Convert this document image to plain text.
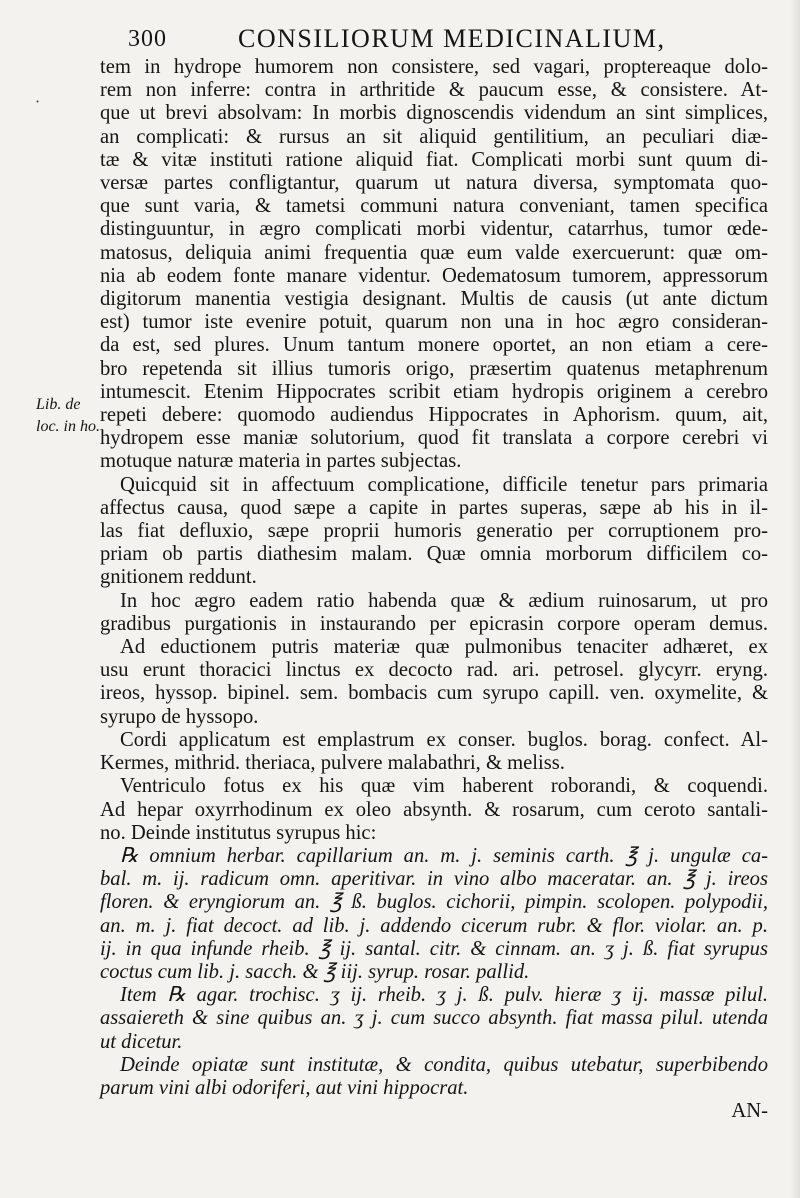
300	CONSILIORUM MEDICINALIUM,
·
Lib. de
loc. in ho.
tem in hydrope humorem non consistere, sed vagari, proptereaque dolo-
rem non inferre: contra in arthritide & paucum esse, & consistere. At-
que ut brevi absolvam: In morbis dignoscendis videndum an sint simplices,
an complicati: & rursus an sit aliquid gentilitium, an peculiari diæ-
tæ & vitæ instituti ratione aliquid fiat. Complicati morbi sunt quum di-
versæ partes confligtantur, quarum ut natura diversa, symptomata quo-
que sunt varia, & tametsi communi natura conveniant, tamen specifica
distinguuntur, in ægro complicati morbi videntur, catarrhus, tumor œde-
matosus, deliquia animi frequentia quæ eum valde exercuerunt: quæ om-
nia ab eodem fonte manare videntur. Oedematosum tumorem, appressorum
digitorum manentia vestigia designant. Multis de causis (ut ante dictum
est) tumor iste evenire potuit, quarum non una in hoc ægro consideran-
da est, sed plures. Unum tantum monere oportet, an non etiam a cere-
bro repetenda sit illius tumoris origo, præsertim quatenus metaphrenum
intumescit. Etenim Hippocrates scribit etiam hydropis originem a cerebro
repeti debere: quomodo audiendus Hippocrates in Aphorism. quum, ait,
hydropem esse maniæ solutorium, quod fit translata a corpore cerebri vi
motuque naturæ materia in partes subjectas.
Quicquid sit in affectuum complicatione, difficile tenetur pars primaria
affectus causa, quod sæpe a capite in partes superas, sæpe ab his in il-
las fiat defluxio, sæpe proprii humoris generatio per corruptionem pro-
priam ob partis diathesim malam. Quæ omnia morborum difficilem co-
gnitionem reddunt.
In hoc ægro eadem ratio habenda quæ & ædium ruinosarum, ut pro
gradibus purgationis in instaurando per epicrasin corpore operam demus.
Ad eductionem putris materiæ quæ pulmonibus tenaciter adhæret, ex
usu erunt thoracici linctus ex decocto rad. ari. petrosel. glycyrr. eryng.
ireos, hyssop. bipinel. sem. bombacis cum syrupo capill. ven. oxymelite, &
syrupo de hyssopo.
Cordi applicatum est emplastrum ex conser. buglos. borag. confect. Al-
Kermes, mithrid. theriaca, pulvere malabathri, & meliss.
Ventriculo fotus ex his quæ vim haberent roborandi, & coquendi.
Ad hepar oxyrrhodinum ex oleo absynth. & rosarum, cum ceroto santali-
no. Deinde institutus syrupus hic:
℞ omnium herbar. capillarium an. m. j. seminis carth. ℥ j. ungulæ ca-
bal. m. ij. radicum omn. aperitivar. in vino albo maceratar. an. ℥ j. ireos
floren. & eryngiorum an. ℥ ß. buglos. cichorii, pimpin. scolopen. polypodii,
an. m. j. fiat decoct. ad lib. j. addendo cicerum rubr. & flor. violar. an. p.
ij. in qua infunde rheib. ℥ ij. santal. citr. & cinnam. an. ʒ j. ß. fiat syrupus
coctus cum lib. j. sacch. & ℥ iij. syrup. rosar. pallid.
Item ℞ agar. trochisc. ʒ ij. rheib. ʒ j. ß. pulv. hieræ ʒ ij. massæ pilul.
assaiereth & sine quibus an. ʒ j. cum succo absynth. fiat massa pilul. utenda
ut dicetur.
Deinde opiatæ sunt institutæ, & condita, quibus utebatur, superbibendo
parum vini albi odoriferi, aut vini hippocrat.
AN-
